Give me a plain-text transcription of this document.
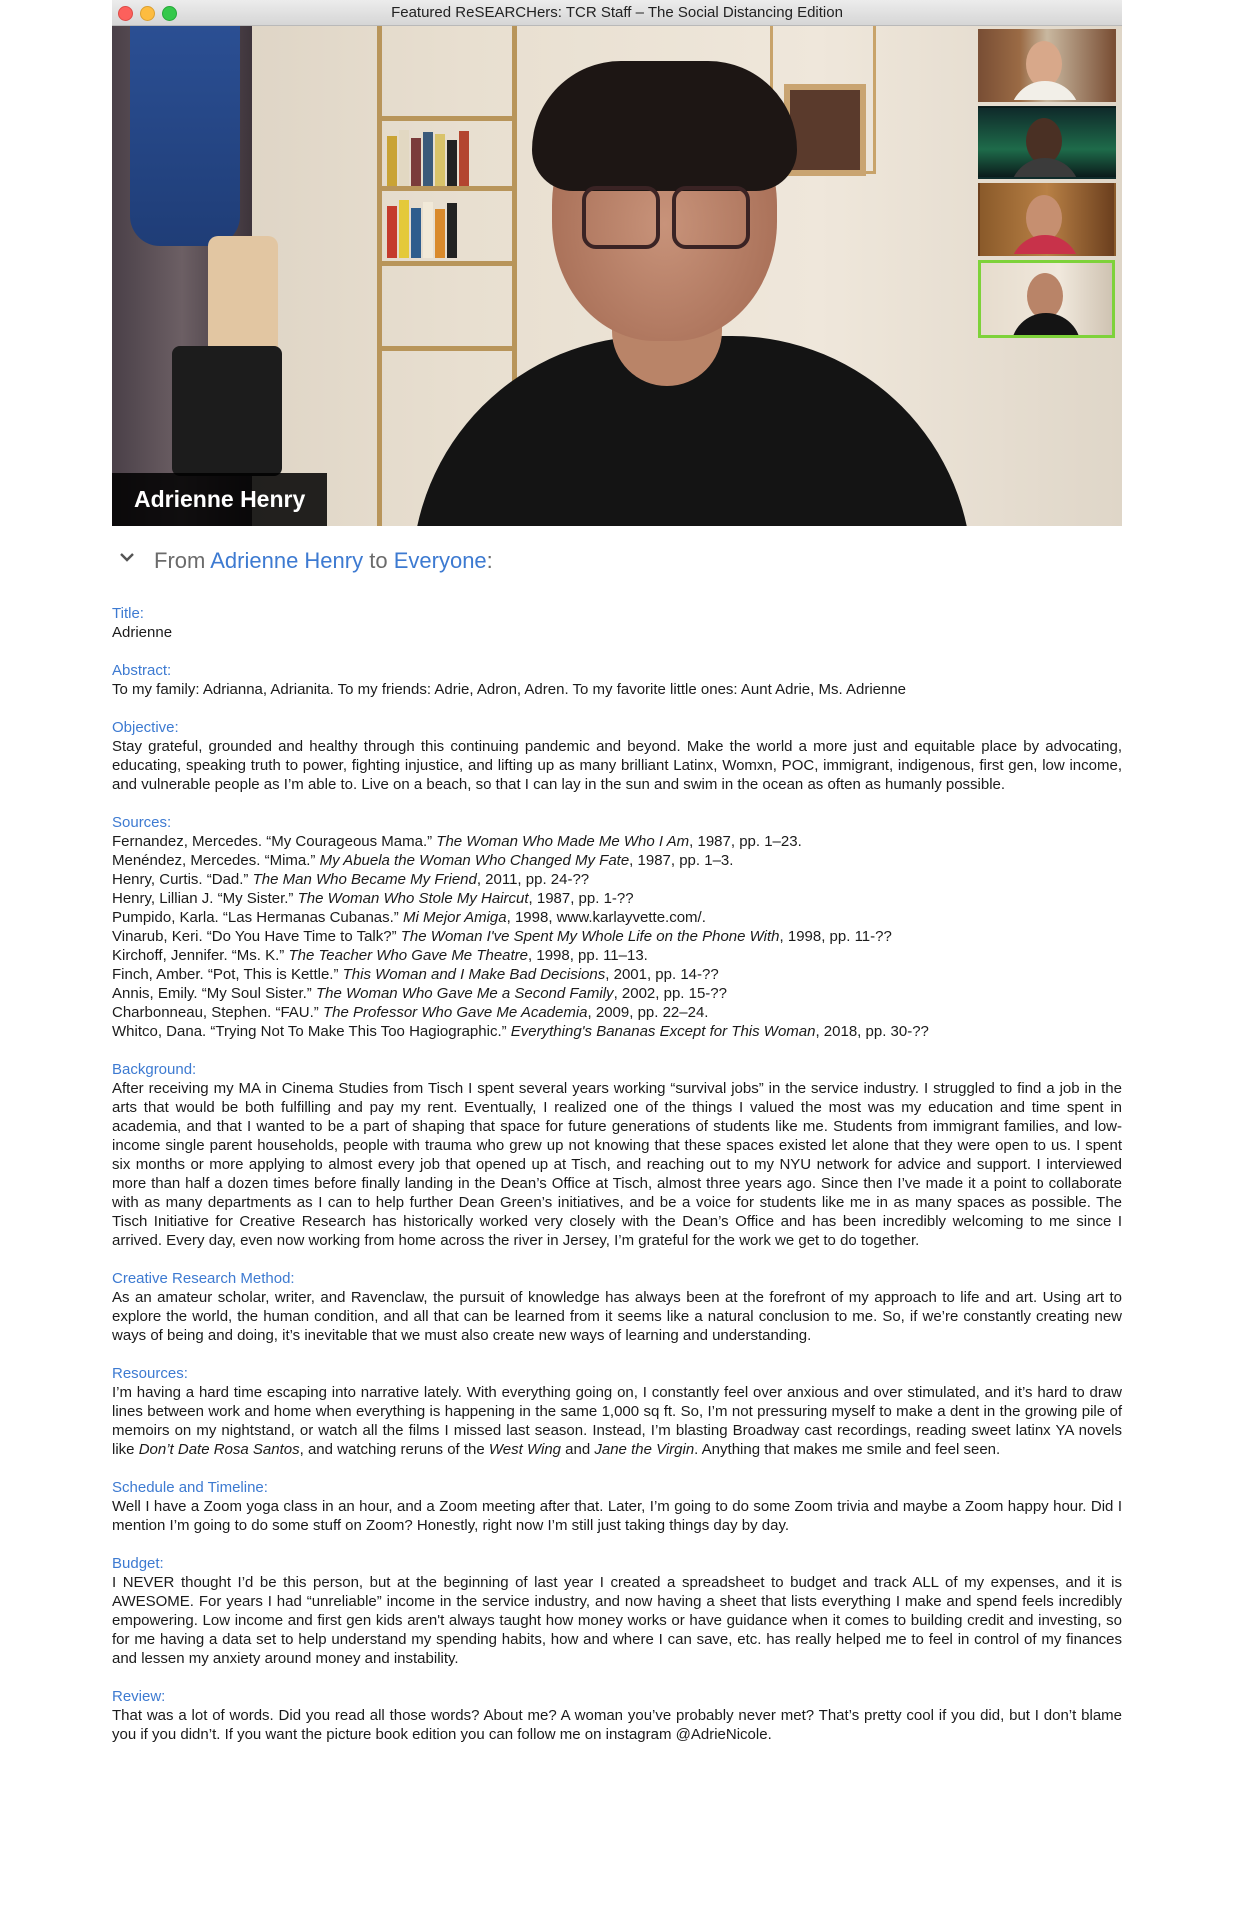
Featured ReSEARCHers: TCR Staff – The Social Distancing Edition
Adrienne Henry
From Adrienne Henry to Everyone:
Title:
Adrienne
Abstract:
To my family: Adrianna, Adrianita. To my friends: Adrie, Adron, Adren. To my favorite little ones: Aunt Adrie, Ms. Adrienne
Objective:
Stay grateful, grounded and healthy through this continuing pandemic and beyond. Make the world a more just and equitable place by advocating, educating, speaking truth to power, fighting injustice, and lifting up as many brilliant Latinx, Womxn, POC, immigrant, indigenous, first gen, low income, and vulnerable people as I’m able to. Live on a beach, so that I can lay in the sun and swim in the ocean as often as humanly possible.
Sources:
Fernandez, Mercedes. “My Courageous Mama.” The Woman Who Made Me Who I Am, 1987, pp. 1–23.
Menéndez, Mercedes. “Mima.” My Abuela the Woman Who Changed My Fate, 1987, pp. 1–3.
Henry, Curtis. “Dad.” The Man Who Became My Friend, 2011, pp. 24-??
Henry, Lillian J. “My Sister.” The Woman Who Stole My Haircut, 1987, pp. 1-??
Pumpido, Karla. “Las Hermanas Cubanas.” Mi Mejor Amiga, 1998, www.karlayvette.com/.
Vinarub, Keri. “Do You Have Time to Talk?” The Woman I've Spent My Whole Life on the Phone With, 1998, pp. 11-??
Kirchoff, Jennifer. “Ms. K.” The Teacher Who Gave Me Theatre, 1998, pp. 11–13.
Finch, Amber. “Pot, This is Kettle.” This Woman and I Make Bad Decisions, 2001, pp. 14-??
Annis, Emily. “My Soul Sister.” The Woman Who Gave Me a Second Family, 2002, pp. 15-??
Charbonneau, Stephen. “FAU.” The Professor Who Gave Me Academia, 2009, pp. 22–24.
Whitco, Dana. “Trying Not To Make This Too Hagiographic.” Everything's Bananas Except for This Woman, 2018, pp. 30-??
Background:
After receiving my MA in Cinema Studies from Tisch I spent several years working “survival jobs” in the service industry. I struggled to find a job in the arts that would be both fulfilling and pay my rent. Eventually, I realized one of the things I valued the most was my education and time spent in academia, and that I wanted to be a part of shaping that space for future generations of students like me. Students from immigrant families, and low-income single parent households, people with trauma who grew up not knowing that these spaces existed let alone that they were open to us. I spent six months or more applying to almost every job that opened up at Tisch, and reaching out to my NYU network for advice and support. I interviewed more than half a dozen times before finally landing in the Dean’s Office at Tisch, almost three years ago. Since then I’ve made it a point to collaborate with as many departments as I can to help further Dean Green’s initiatives, and be a voice for students like me in as many spaces as possible. The Tisch Initiative for Creative Research has historically worked very closely with the Dean’s Office and has been incredibly welcoming to me since I arrived. Every day, even now working from home across the river in Jersey, I’m grateful for the work we get to do together.
Creative Research Method:
As an amateur scholar, writer, and Ravenclaw, the pursuit of knowledge has always been at the forefront of my approach to life and art. Using art to explore the world, the human condition, and all that can be learned from it seems like a natural conclusion to me. So, if we’re constantly creating new ways of being and doing, it’s inevitable that we must also create new ways of learning and understanding.
Resources:
I’m having a hard time escaping into narrative lately. With everything going on, I constantly feel over anxious and over stimulated, and it’s hard to draw lines between work and home when everything is happening in the same 1,000 sq ft. So, I’m not pressuring myself to make a dent in the growing pile of memoirs on my nightstand, or watch all the films I missed last season. Instead, I’m blasting Broadway cast recordings, reading sweet latinx YA novels like Don’t Date Rosa Santos, and watching reruns of the West Wing and Jane the Virgin. Anything that makes me smile and feel seen.
Schedule and Timeline:
Well I have a Zoom yoga class in an hour, and a Zoom meeting after that. Later, I’m going to do some Zoom trivia and maybe a Zoom happy hour. Did I mention I’m going to do some stuff on Zoom? Honestly, right now I’m still just taking things day by day.
Budget:
I NEVER thought I’d be this person, but at the beginning of last year I created a spreadsheet to budget and track ALL of my expenses, and it is AWESOME. For years I had “unreliable” income in the service industry, and now having a sheet that lists everything I make and spend feels incredibly empowering. Low income and first gen kids aren't always taught how money works or have guidance when it comes to building credit and investing, so for me having a data set to help understand my spending habits, how and where I can save, etc. has really helped me to feel in control of my finances and lessen my anxiety around money and instability.
Review:
That was a lot of words. Did you read all those words? About me? A woman you’ve probably never met? That’s pretty cool if you did, but I don’t blame you if you didn’t. If you want the picture book edition you can follow me on instagram @AdrieNicole.
